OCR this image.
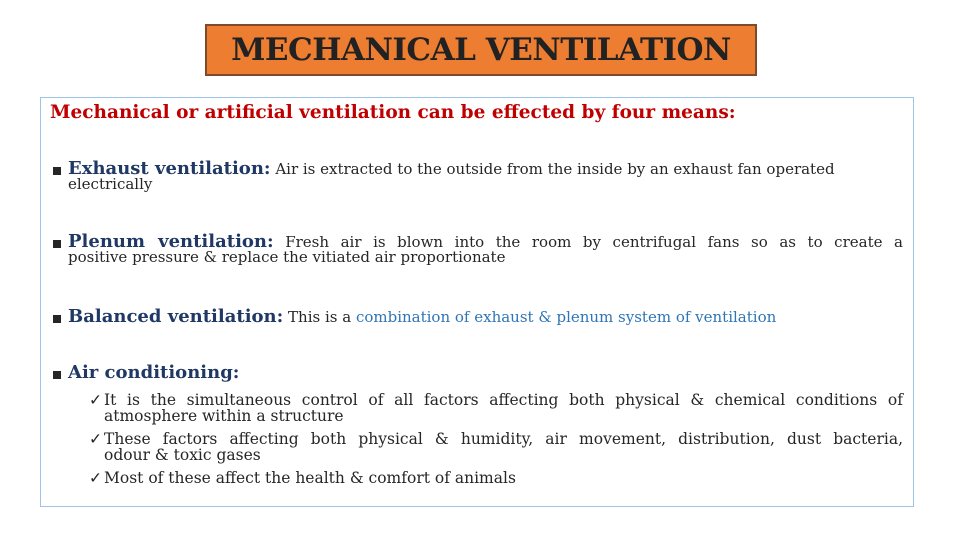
MECHANICAL VENTILATION
Mechanical or artificial ventilation can be effected by four means:
Exhaust ventilation: Air is extracted to the outside from the inside by an exhaust fan operated
electrically
Plenum ventilation: Fresh air is blown into the room by centrifugal fans so as to create a
positive pressure & replace the vitiated air proportionate
Balanced ventilation: This is a combination of exhaust & plenum system of ventilation
Air conditioning:
✓ It is the simultaneous control of all factors affecting both physical & chemical conditions of
atmosphere within a structure
✓ These factors affecting both physical & humidity, air movement, distribution, dust bacteria,
odour & toxic gases
✓ Most of these affect the health & comfort of animals
